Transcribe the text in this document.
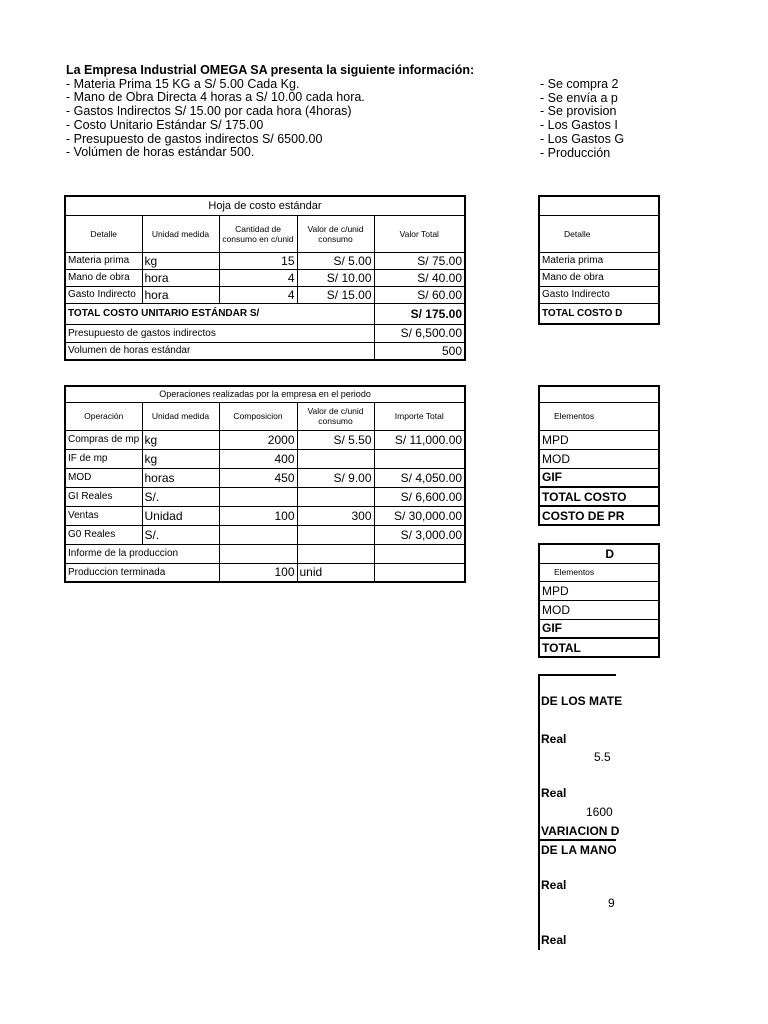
La Empresa Industrial OMEGA SA presenta la siguiente información:
- Materia Prima 15 KG a S/ 5.00 Cada Kg.
- Mano de Obra Directa 4 horas a S/ 10.00 cada hora.
- Gastos Indirectos S/ 15.00 por cada hora (4horas)
- Costo Unitario Estándar S/ 175.00
- Presupuesto de gastos indirectos S/ 6500.00
- Volúmen de horas estándar 500.
- Se compra 2
- Se envía a p
- Se provision
- Los Gastos I
- Los Gastos G
- Producción
Hoja de costo estándar				
Detalle	Unidad medida	Cantidad de consumo en c/unid	Valor de c/unid consumo	Valor Total
Materia prima	kg	15	S/ 5.00	S/ 75.00
Mano de obra	hora	4	S/ 10.00	S/ 40.00
Gasto Indirecto	hora	4	S/ 15.00	S/ 60.00
TOTAL COSTO UNITARIO ESTÁNDAR S/				S/ 175.00
Presupuesto de gastos indirectos				S/ 6,500.00
Volumen de horas estándar				500
Operaciones realizadas por la empresa en el periodo				
Operación	Unidad medida	Composicion	Valor de c/unid consumo	Importe Total
Compras de mp	kg	2000	S/ 5.50	S/ 11,000.00
IF de mp	kg	400		
MOD	horas	450	S/ 9.00	S/ 4,050.00
GI Reales	S/.			S/ 6,600.00
Ventas	Unidad	100	300	S/ 30,000.00
G0 Reales	S/.			S/ 3,000.00
Informe de la produccion				
Produccion terminada		100	unid	

Detalle
Materia prima
Mano de obra
Gasto Indirecto
TOTAL COSTO D

Elementos
MPD
MOD
GIF
TOTAL COSTO
COSTO DE PR
D
Elementos
MPD
MOD
GIF
TOTAL
DE LOS MATE
Real
5.5
Real
1600
VARIACION D
DE LA MANO
Real
9
Real
